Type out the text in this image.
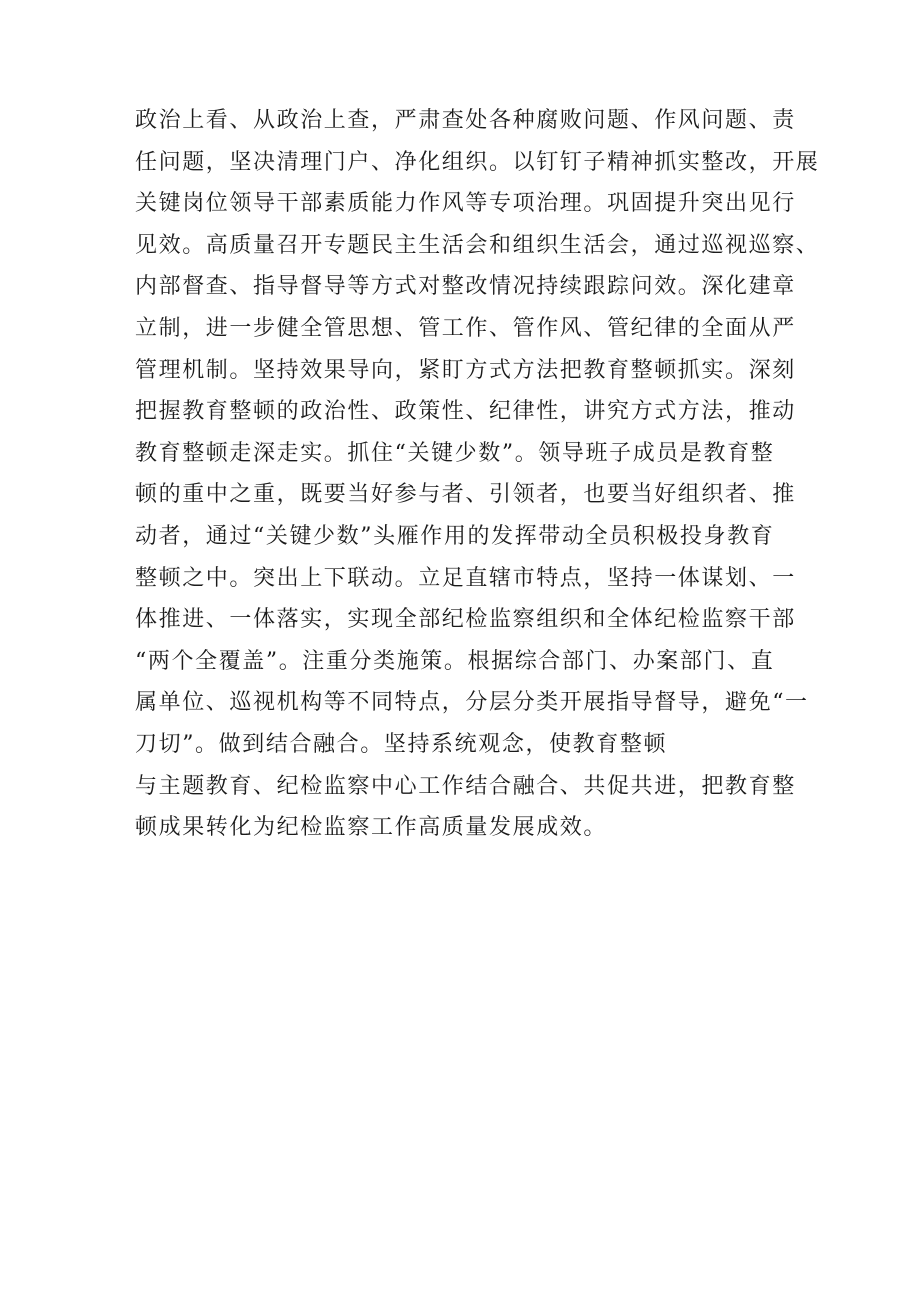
政治上看、从政治上查，严肃查处各种腐败问题、作风问题、责
任问题，坚决清理门户、净化组织。以钉钉子精神抓实整改，开展
关键岗位领导干部素质能力作风等专项治理。巩固提升突出见行
见效。高质量召开专题民主生活会和组织生活会，通过巡视巡察、
内部督查、指导督导等方式对整改情况持续跟踪问效。深化建章
立制，进一步健全管思想、管工作、管作风、管纪律的全面从严
管理机制。坚持效果导向，紧盯方式方法把教育整顿抓实。深刻
把握教育整顿的政治性、政策性、纪律性，讲究方式方法，推动
教育整顿走深走实。抓住“关键少数”。领导班子成员是教育整
顿的重中之重，既要当好参与者、引领者，也要当好组织者、推
动者，通过“关键少数”头雁作用的发挥带动全员积极投身教育
整顿之中。突出上下联动。立足直辖市特点，坚持一体谋划、一
体推进、一体落实，实现全部纪检监察组织和全体纪检监察干部
“两个全覆盖”。注重分类施策。根据综合部门、办案部门、直
属单位、巡视机构等不同特点，分层分类开展指导督导，避免“一
刀切”。做到结合融合。坚持系统观念，使教育整顿
与主题教育、纪检监察中心工作结合融合、共促共进，把教育整
顿成果转化为纪检监察工作高质量发展成效。
